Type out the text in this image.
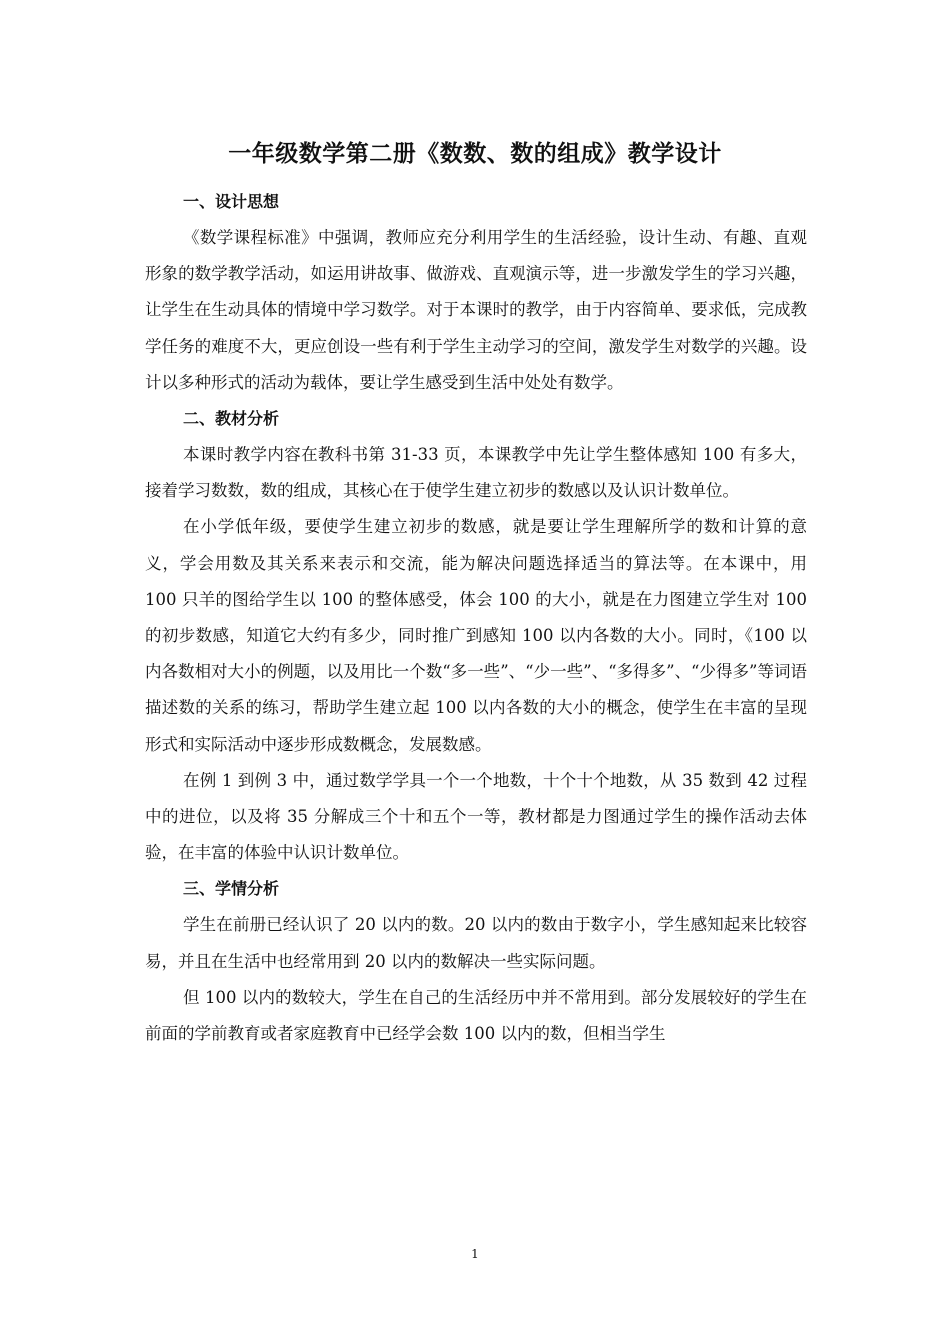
一年级数学第二册《数数、数的组成》教学设计
一、设计思想

《数学课程标准》中强调，教师应充分利用学生的生活经验，设计生动、有趣、直观形象的数学教学活动，如运用讲故事、做游戏、直观演示等，进一步激发学生的学习兴趣，让学生在生动具体的情境中学习数学。对于本课时的教学，由于内容简单、要求低，完成教学任务的难度不大，更应创设一些有利于学生主动学习的空间，激发学生对数学的兴趣。设计以多种形式的活动为载体，要让学生感受到生活中处处有数学。

二、教材分析

本课时教学内容在教科书第 31-33 页，本课教学中先让学生整体感知 100 有多大，接着学习数数，数的组成，其核心在于使学生建立初步的数感以及认识计数单位。

在小学低年级，要使学生建立初步的数感，就是要让学生理解所学的数和计算的意义，学会用数及其关系来表示和交流，能为解决问题选择适当的算法等。在本课中，用 100 只羊的图给学生以 100 的整体感受，体会 100 的大小，就是在力图建立学生对 100 的初步数感，知道它大约有多少，同时推广到感知 100 以内各数的大小。同时，《100 以内各数相对大小的例题，以及用比一个数“多一些”、“少一些”、“多得多”、“少得多”等词语描述数的关系的练习，帮助学生建立起 100 以内各数的大小的概念，使学生在丰富的呈现形式和实际活动中逐步形成数概念，发展数感。

在例 1 到例 3 中，通过数学学具一个一个地数，十个十个地数，从 35 数到 42 过程中的进位，以及将 35 分解成三个十和五个一等，教材都是力图通过学生的操作活动去体验，在丰富的体验中认识计数单位。

三、学情分析

学生在前册已经认识了 20 以内的数。20 以内的数由于数字小，学生感知起来比较容易，并且在生活中也经常用到 20 以内的数解决一些实际问题。

但 100 以内的数较大，学生在自己的生活经历中并不常用到。部分发展较好的学生在前面的学前教育或者家庭教育中已经学会数 100 以内的数，但相当学生

1
